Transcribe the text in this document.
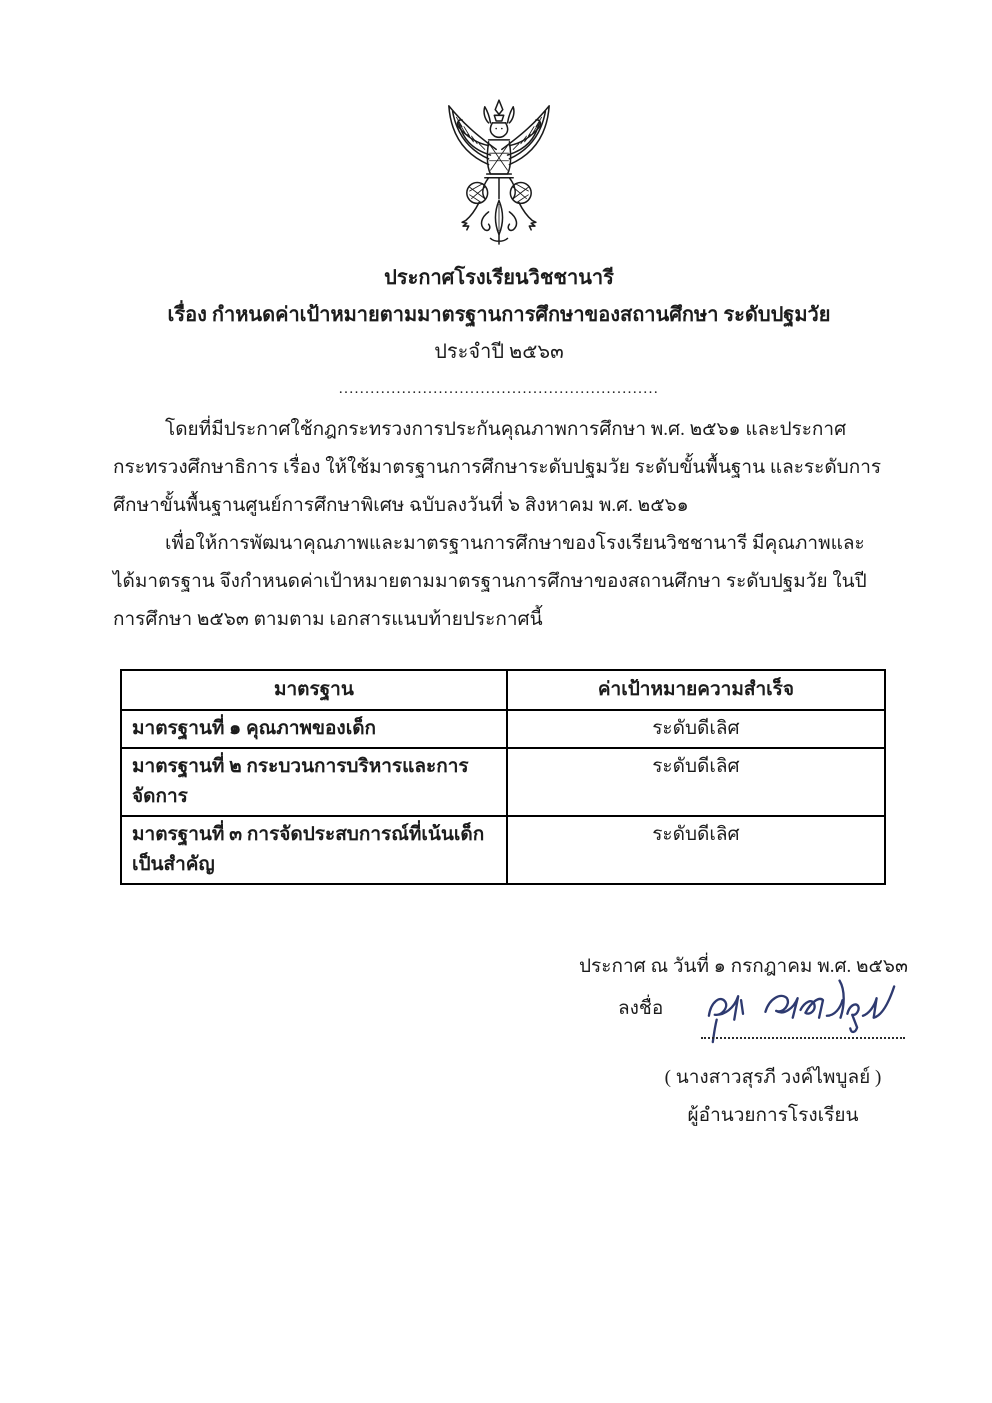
ประกาศโรงเรียนวิชชานารี
เรื่อง กำหนดค่าเป้าหมายตามมาตรฐานการศึกษาของสถานศึกษา ระดับปฐมวัย
ประจำปี ๒๕๖๓
.............................................................

โดยที่มีประกาศใช้กฎกระทรวงการประกันคุณภาพการศึกษา พ.ศ. ๒๕๖๑ และประกาศกระทรวงศึกษาธิการ เรื่อง ให้ใช้มาตรฐานการศึกษาระดับปฐมวัย ระดับขั้นพื้นฐาน และระดับการศึกษาขั้นพื้นฐานศูนย์การศึกษาพิเศษ ฉบับลงวันที่ ๖ สิงหาคม พ.ศ. ๒๕๖๑

เพื่อให้การพัฒนาคุณภาพและมาตรฐานการศึกษาของโรงเรียนวิชชานารี มีคุณภาพและได้มาตรฐาน จึงกำหนดค่าเป้าหมายตามมาตรฐานการศึกษาของสถานศึกษา ระดับปฐมวัย ในปีการศึกษา ๒๕๖๓ ตามตาม เอกสารแนบท้ายประกาศนี้

มาตรฐาน	ค่าเป้าหมายความสำเร็จ
มาตรฐานที่ ๑ คุณภาพของเด็ก	ระดับดีเลิศ
มาตรฐานที่ ๒ กระบวนการบริหารและการจัดการ	ระดับดีเลิศ
มาตรฐานที่ ๓ การจัดประสบการณ์ที่เน้นเด็กเป็นสำคัญ	ระดับดีเลิศ
ประกาศ ณ วันที่ ๑ กรกฎาคม พ.ศ. ๒๕๖๓
ลงชื่อ
( นางสาวสุรภี วงค์ไพบูลย์ )
ผู้อำนวยการโรงเรียน
